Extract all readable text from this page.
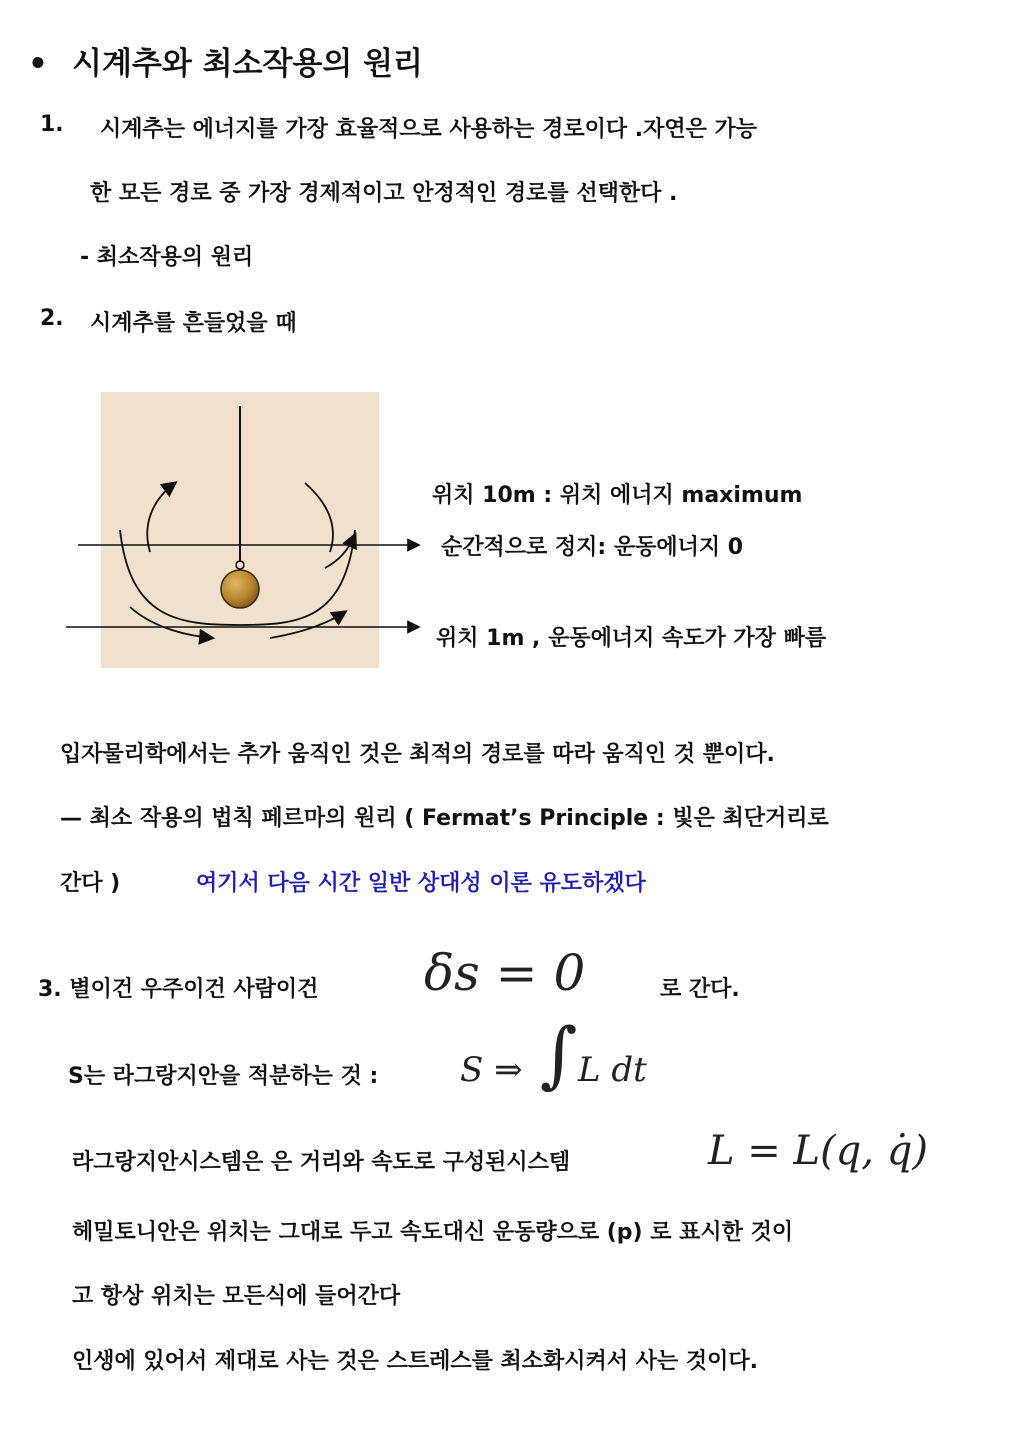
• 시계추와 최소작용의 원리
1. 시계추는 에너지를 가장 효율적으로 사용하는 경로이다 .자연은 가능
한 모든 경로 중 가장 경제적이고 안정적인 경로를 선택한다 .
- 최소작용의 원리
2. 시계추를 흔들었을 때
위치 10m : 위치 에너지 maximum
순간적으로 정지: 운동에너지 0
위치 1m , 운동에너지 속도가 가장 빠름
입자물리학에서는 추가 움직인 것은 최적의 경로를 따라 움직인 것 뿐이다.
— 최소 작용의 법칙 페르마의 원리 ( Fermat’s Principle : 빛은 최단거리로
간다 )	여기서 다음 시간 일반 상대성 이론 유도하겠다
3. 별이건 우주이건 사람이건 δs = 0	로 간다.
S는 라그랑지안을 적분하는 것 : S ⇒ ∫ L dt
라그랑지안시스템은 은 거리와 속도로 구성된시스템	L = L(q, q̇)
헤밀토니안은 위치는 그대로 두고 속도대신 운동량으로 (p) 로 표시한 것이
고 항상 위치는 모든식에 들어간다
인생에 있어서 제대로 사는 것은 스트레스를 최소화시켜서 사는 것이다.
